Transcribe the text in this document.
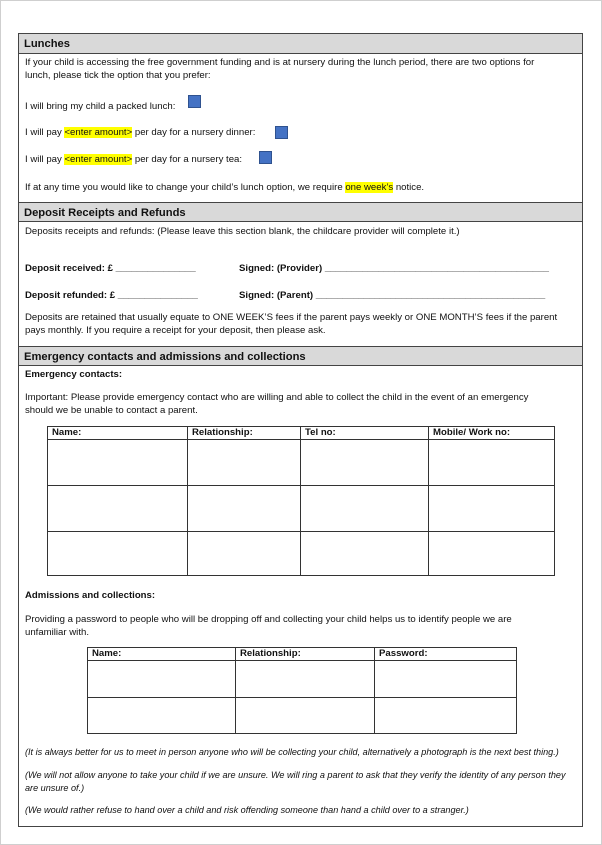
Lunches
If your child is accessing the free government funding and is at nursery during the lunch period, there are two options for
lunch, please tick the option that you prefer:
I will bring my child a packed lunch:
I will pay <enter amount> per day for a nursery dinner:
I will pay <enter amount> per day for a nursery tea:
If at any time you would like to change your child’s lunch option, we require one week’s notice.
Deposit Receipts and Refunds
Deposits receipts and refunds: (Please leave this section blank, the childcare provider will complete it.)
Deposit received: £ _______________	Signed: (Provider) __________________________________________
Deposit refunded: £ _______________	Signed: (Parent) ___________________________________________
Deposits are retained that usually equate to ONE WEEK’S fees if the parent pays weekly or ONE MONTH’S fees if the parent
pays monthly. If you require a receipt for your deposit, then please ask.
Emergency contacts and admissions and collections
Emergency contacts:
Important: Please provide emergency contact who are willing and able to collect the child in the event of an emergency
should we be unable to contact a parent.
Name:	Relationship:	Tel no:	Mobile/ Work no:

Admissions and collections:
Providing a password to people who will be dropping off and collecting your child helps us to identify people we are
unfamiliar with.
Name:	Relationship:	Password:

(It is always better for us to meet in person anyone who will be collecting your child, alternatively a photograph is the next best thing.)
(We will not allow anyone to take your child if we are unsure. We will ring a parent to ask that they verify the identity of any person they
are unsure of.)
(We would rather refuse to hand over a child and risk offending someone than hand a child over to a stranger.)
